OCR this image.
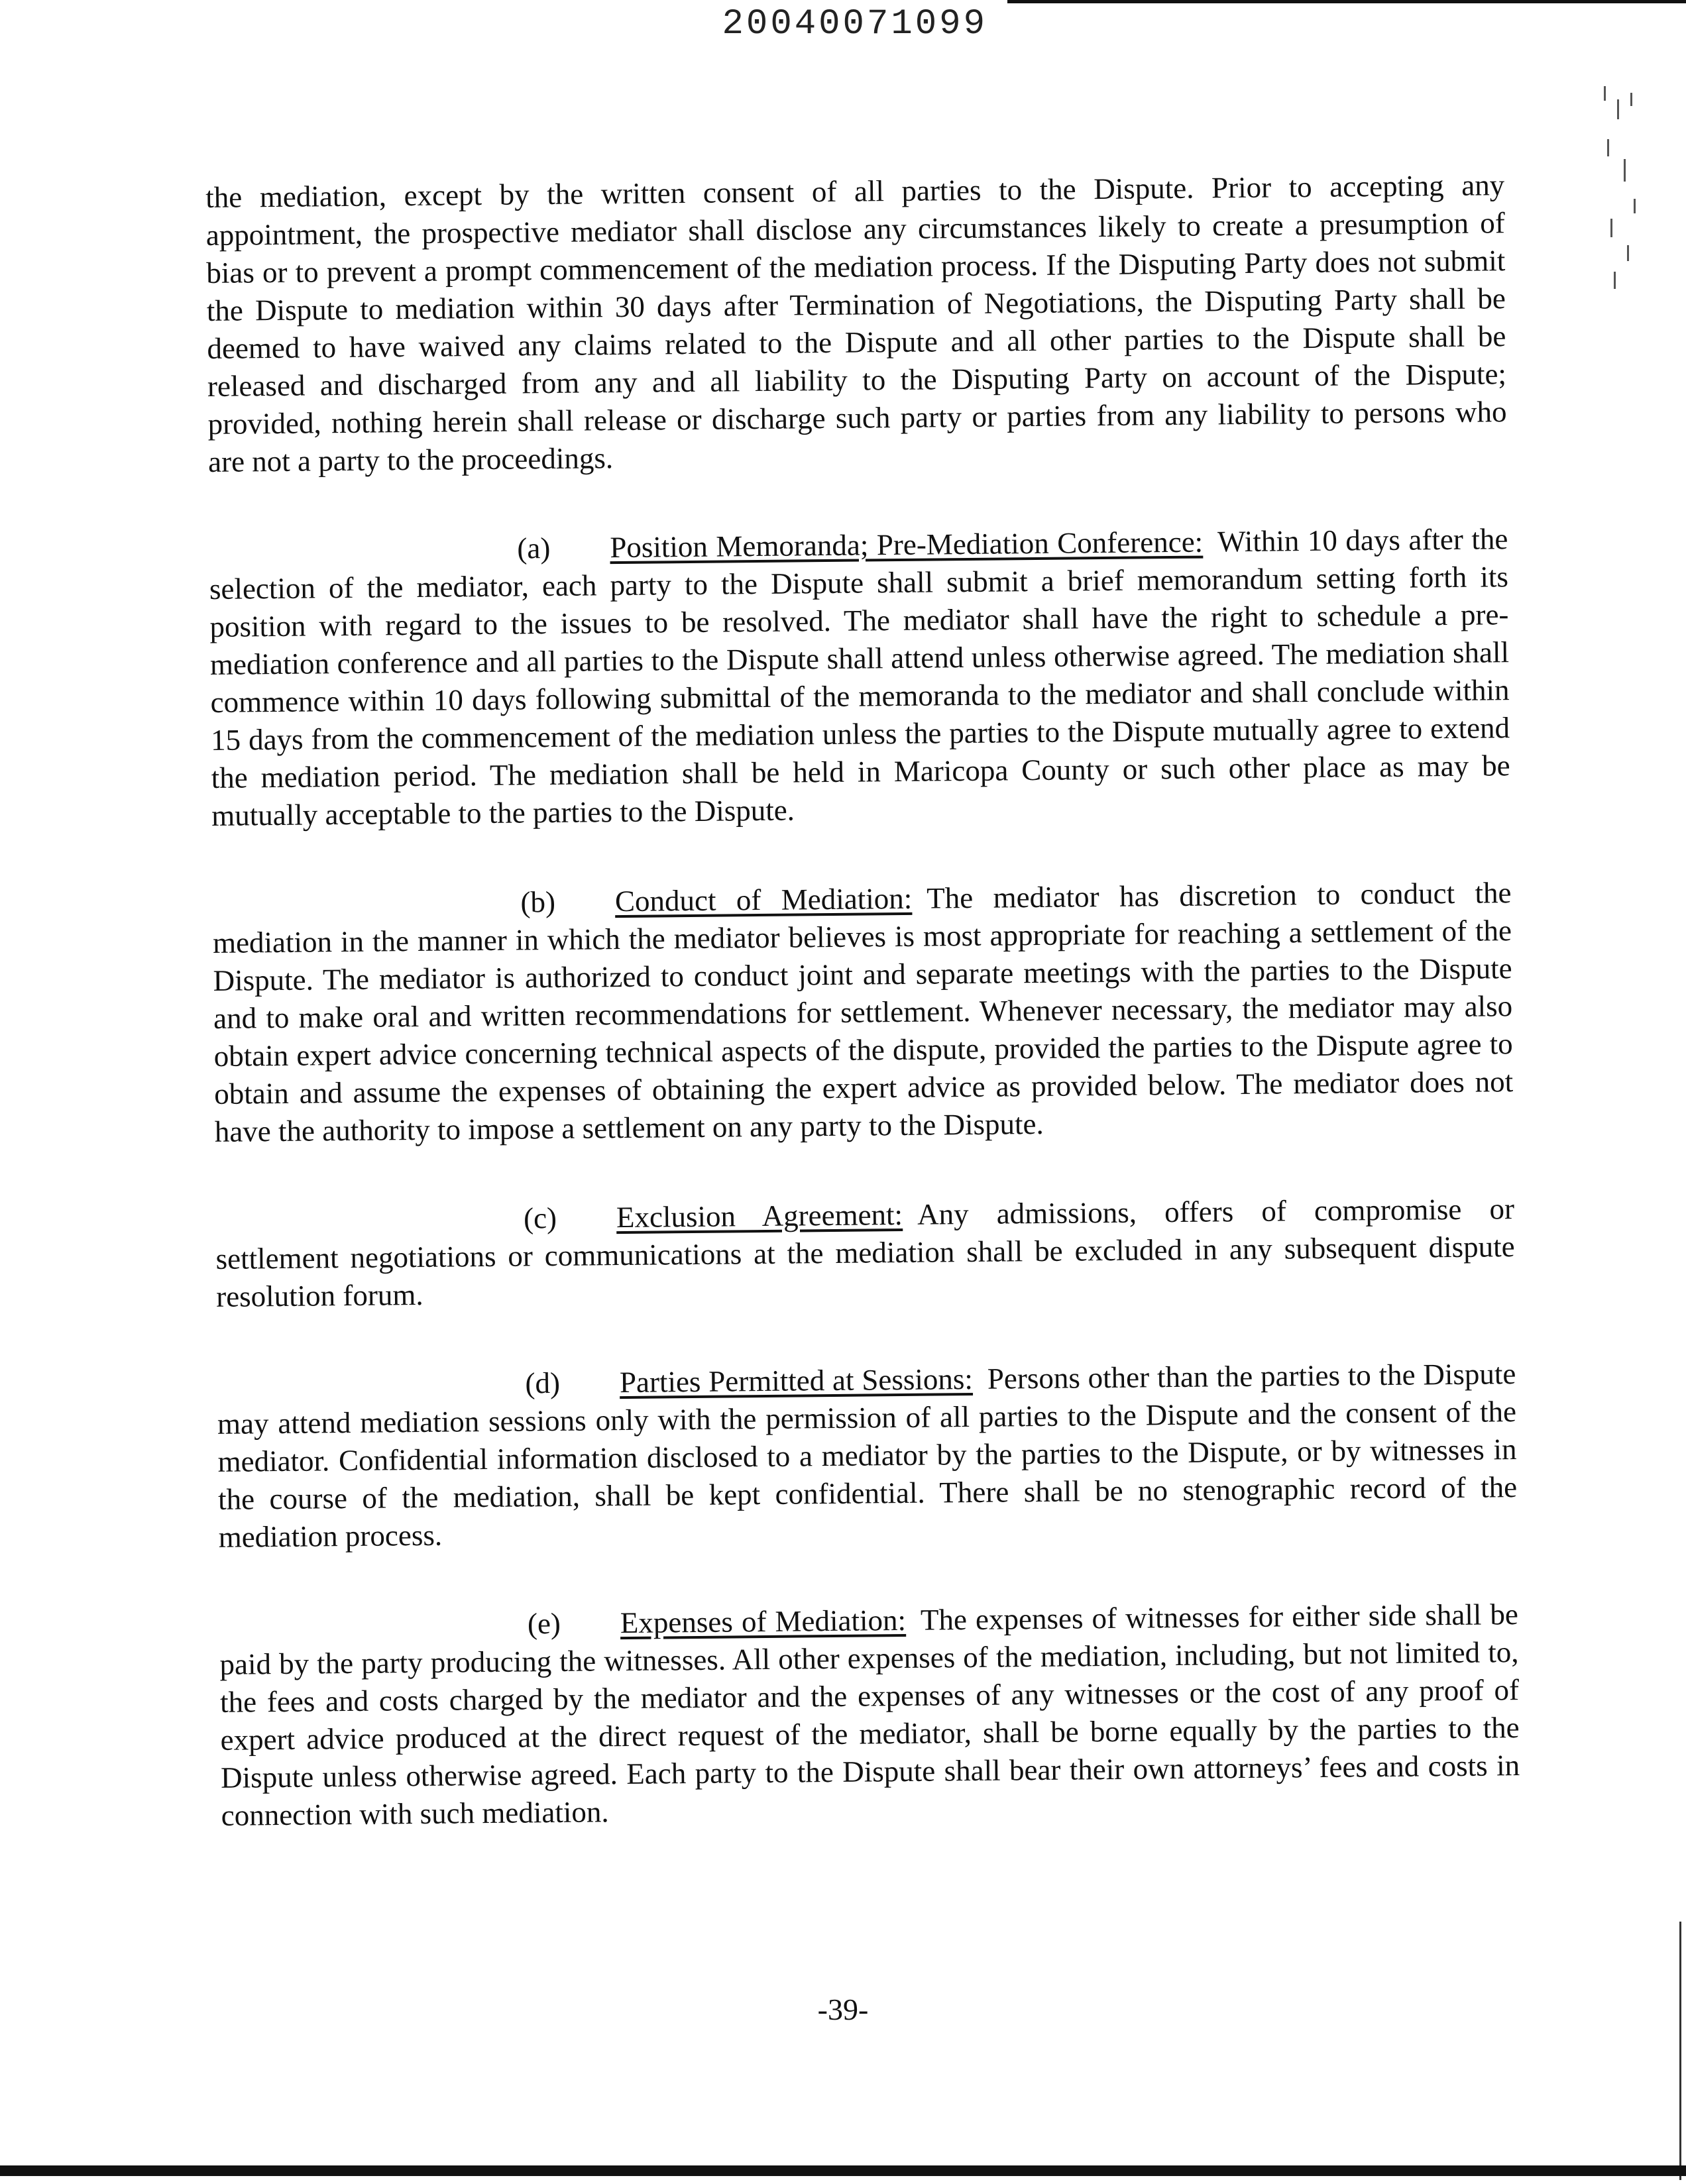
20040071099

the mediation, except by the written consent of all parties to the Dispute. Prior to accepting any appointment, the prospective mediator shall disclose any circumstances likely to create a presumption of bias or to prevent a prompt commencement of the mediation process. If the Disputing Party does not submit the Dispute to mediation within 30 days after Termination of Negotiations, the Disputing Party shall be deemed to have waived any claims related to the Dispute and all other parties to the Dispute shall be released and discharged from any and all liability to the Disputing Party on account of the Dispute; provided, nothing herein shall release or discharge such party or parties from any liability to persons who are not a party to the proceedings.

(a) Position Memoranda; Pre-Mediation Conference: Within 10 days after the selection of the mediator, each party to the Dispute shall submit a brief memorandum setting forth its position with regard to the issues to be resolved. The mediator shall have the right to schedule a pre-mediation conference and all parties to the Dispute shall attend unless otherwise agreed. The mediation shall commence within 10 days following submittal of the memoranda to the mediator and shall conclude within 15 days from the commencement of the mediation unless the parties to the Dispute mutually agree to extend the mediation period. The mediation shall be held in Maricopa County or such other place as may be mutually acceptable to the parties to the Dispute.

(b) Conduct of Mediation: The mediator has discretion to conduct the mediation in the manner in which the mediator believes is most appropriate for reaching a settlement of the Dispute. The mediator is authorized to conduct joint and separate meetings with the parties to the Dispute and to make oral and written recommendations for settlement. Whenever necessary, the mediator may also obtain expert advice concerning technical aspects of the dispute, provided the parties to the Dispute agree to obtain and assume the expenses of obtaining the expert advice as provided below. The mediator does not have the authority to impose a settlement on any party to the Dispute.

(c) Exclusion Agreement: Any admissions, offers of compromise or settlement negotiations or communications at the mediation shall be excluded in any subsequent dispute resolution forum.

(d) Parties Permitted at Sessions: Persons other than the parties to the Dispute may attend mediation sessions only with the permission of all parties to the Dispute and the consent of the mediator. Confidential information disclosed to a mediator by the parties to the Dispute, or by witnesses in the course of the mediation, shall be kept confidential. There shall be no stenographic record of the mediation process.

(e) Expenses of Mediation: The expenses of witnesses for either side shall be paid by the party producing the witnesses. All other expenses of the mediation, including, but not limited to, the fees and costs charged by the mediator and the expenses of any witnesses or the cost of any proof of expert advice produced at the direct request of the mediator, shall be borne equally by the parties to the Dispute unless otherwise agreed. Each party to the Dispute shall bear their own attorneys’ fees and costs in connection with such mediation.

-39-
